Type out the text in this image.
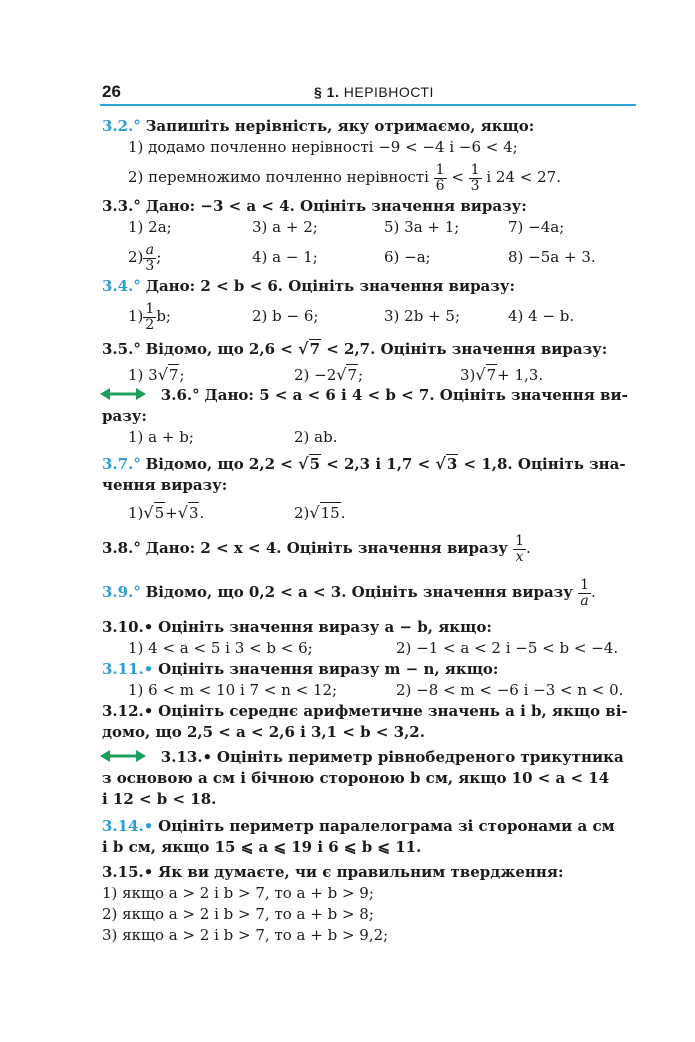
26	§ 1. НЕРІВНОСТІ
3.2.° Запишіть нерівність, яку отримаємо, якщо:
1) додамо почленно нерівності −9 < −4 і −6 < 4;
2) перемножимо почленно нерівності $\frac{1}{6} < \frac{1}{3}$ і 24 < 27.
3.3.° Дано: −3 < a < 4. Оцініть значення виразу:
1) 2a;	3) a + 2;	5) 3a + 1;	7) −4a;
$2) \frac{a}{3}$ ;	4) a − 1;	6) −a;	8) −5a + 3.
3.4.° Дано: 2 < b < 6. Оцініть значення виразу:
$1) \frac{1}{2} b$;	2) b − 6;	3) 2b + 5;	4) 4 − b.
3.5.° Відомо, що 2,6 < √7 < 2,7. Оцініть значення виразу:
1) 3√7;	2) −2√7;	3)√7+ 1,3.
3.6.° Дано: 5 < a < 6 і 4 < b < 7. Оцініть значення ви-
разу:
1) a + b;	2) ab.
3.7.° Відомо, що 2,2 < √5 < 2,3 і 1,7 < √3 < 1,8. Оцініть зна-
чення виразу:
1)√5+√3.	2)√15.
3.8.° Дано: 2 < x < 4. Оцініть значення виразу $\frac{1}{x}$ .
3.9.° Відомо, що 0,2 < a < 3. Оцініть значення виразу $\frac{1}{a}$ .
3.10.• Оцініть значення виразу a − b, якщо:
1) 4 < a < 5 і 3 < b < 6;	2) −1 < a < 2 і −5 < b < −4.
3.11.• Оцініть значення виразу m − n, якщо:
1) 6 < m < 10 і 7 < n < 12;	2) −8 < m < −6 і −3 < n < 0.
3.12.• Оцініть середнє арифметичне значень a і b, якщо ві-
домо, що 2,5 < a < 2,6 і 3,1 < b < 3,2.
3.13.• Оцініть периметр рівнобедреного трикутника
з основою a см і бічною стороною b см, якщо 10 < a < 14
і 12 < b < 18.
3.14.• Оцініть периметр паралелограма зі сторонами a см
і b см, якщо 15 ⩽ a ⩽ 19 і 6 ⩽ b ⩽ 11.
3.15.• Як ви думаєте, чи є правильним твердження:
1) якщо a > 2 і b > 7, то a + b > 9;
2) якщо a > 2 і b > 7, то a + b > 8;
3) якщо a > 2 і b > 7, то a + b > 9,2;
